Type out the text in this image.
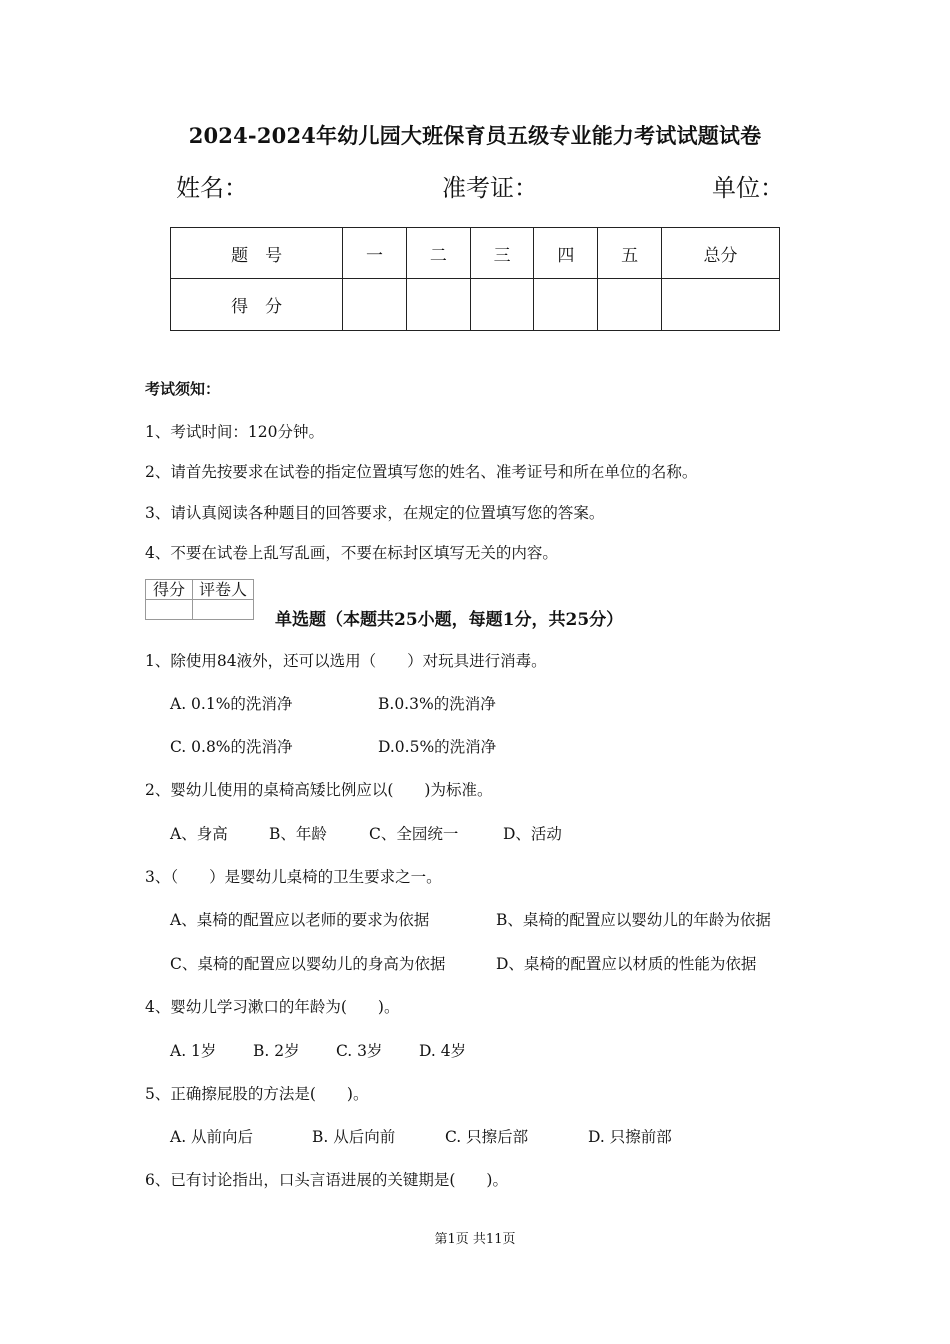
2024-2024年幼儿园大班保育员五级专业能力考试试题试卷
姓名：	准考证：	单位：
题　号	一	二	三	四	五	总分
得　分						
考试须知：
1、考试时间：120分钟。
2、请首先按要求在试卷的指定位置填写您的姓名、准考证号和所在单位的名称。
3、请认真阅读各种题目的回答要求，在规定的位置填写您的答案。
4、不要在试卷上乱写乱画，不要在标封区填写无关的内容。
得分	评卷人

单选题（本题共25小题，每题1分，共25分）
1、除使用84液外，还可以选用（　　）对玩具进行消毒。
A. 0.1%的洗消净	B.0.3%的洗消净
C. 0.8%的洗消净	D.0.5%的洗消净
2、婴幼儿使用的桌椅高矮比例应以(　　)为标准。
A、身高	B、年龄	C、全园统一	D、活动
3、（　　）是婴幼儿桌椅的卫生要求之一。
A、桌椅的配置应以老师的要求为依据	B、桌椅的配置应以婴幼儿的年龄为依据
C、桌椅的配置应以婴幼儿的身高为依据	D、桌椅的配置应以材质的性能为依据
4、婴幼儿学习漱口的年龄为(　　)。
A. 1岁 B. 2岁 C. 3岁 D. 4岁
5、正确擦屁股的方法是(　　)。
A. 从前向后	B. 从后向前	C. 只擦后部	D. 只擦前部
6、已有讨论指出，口头言语进展的关键期是(　　)。
第1页 共11页
